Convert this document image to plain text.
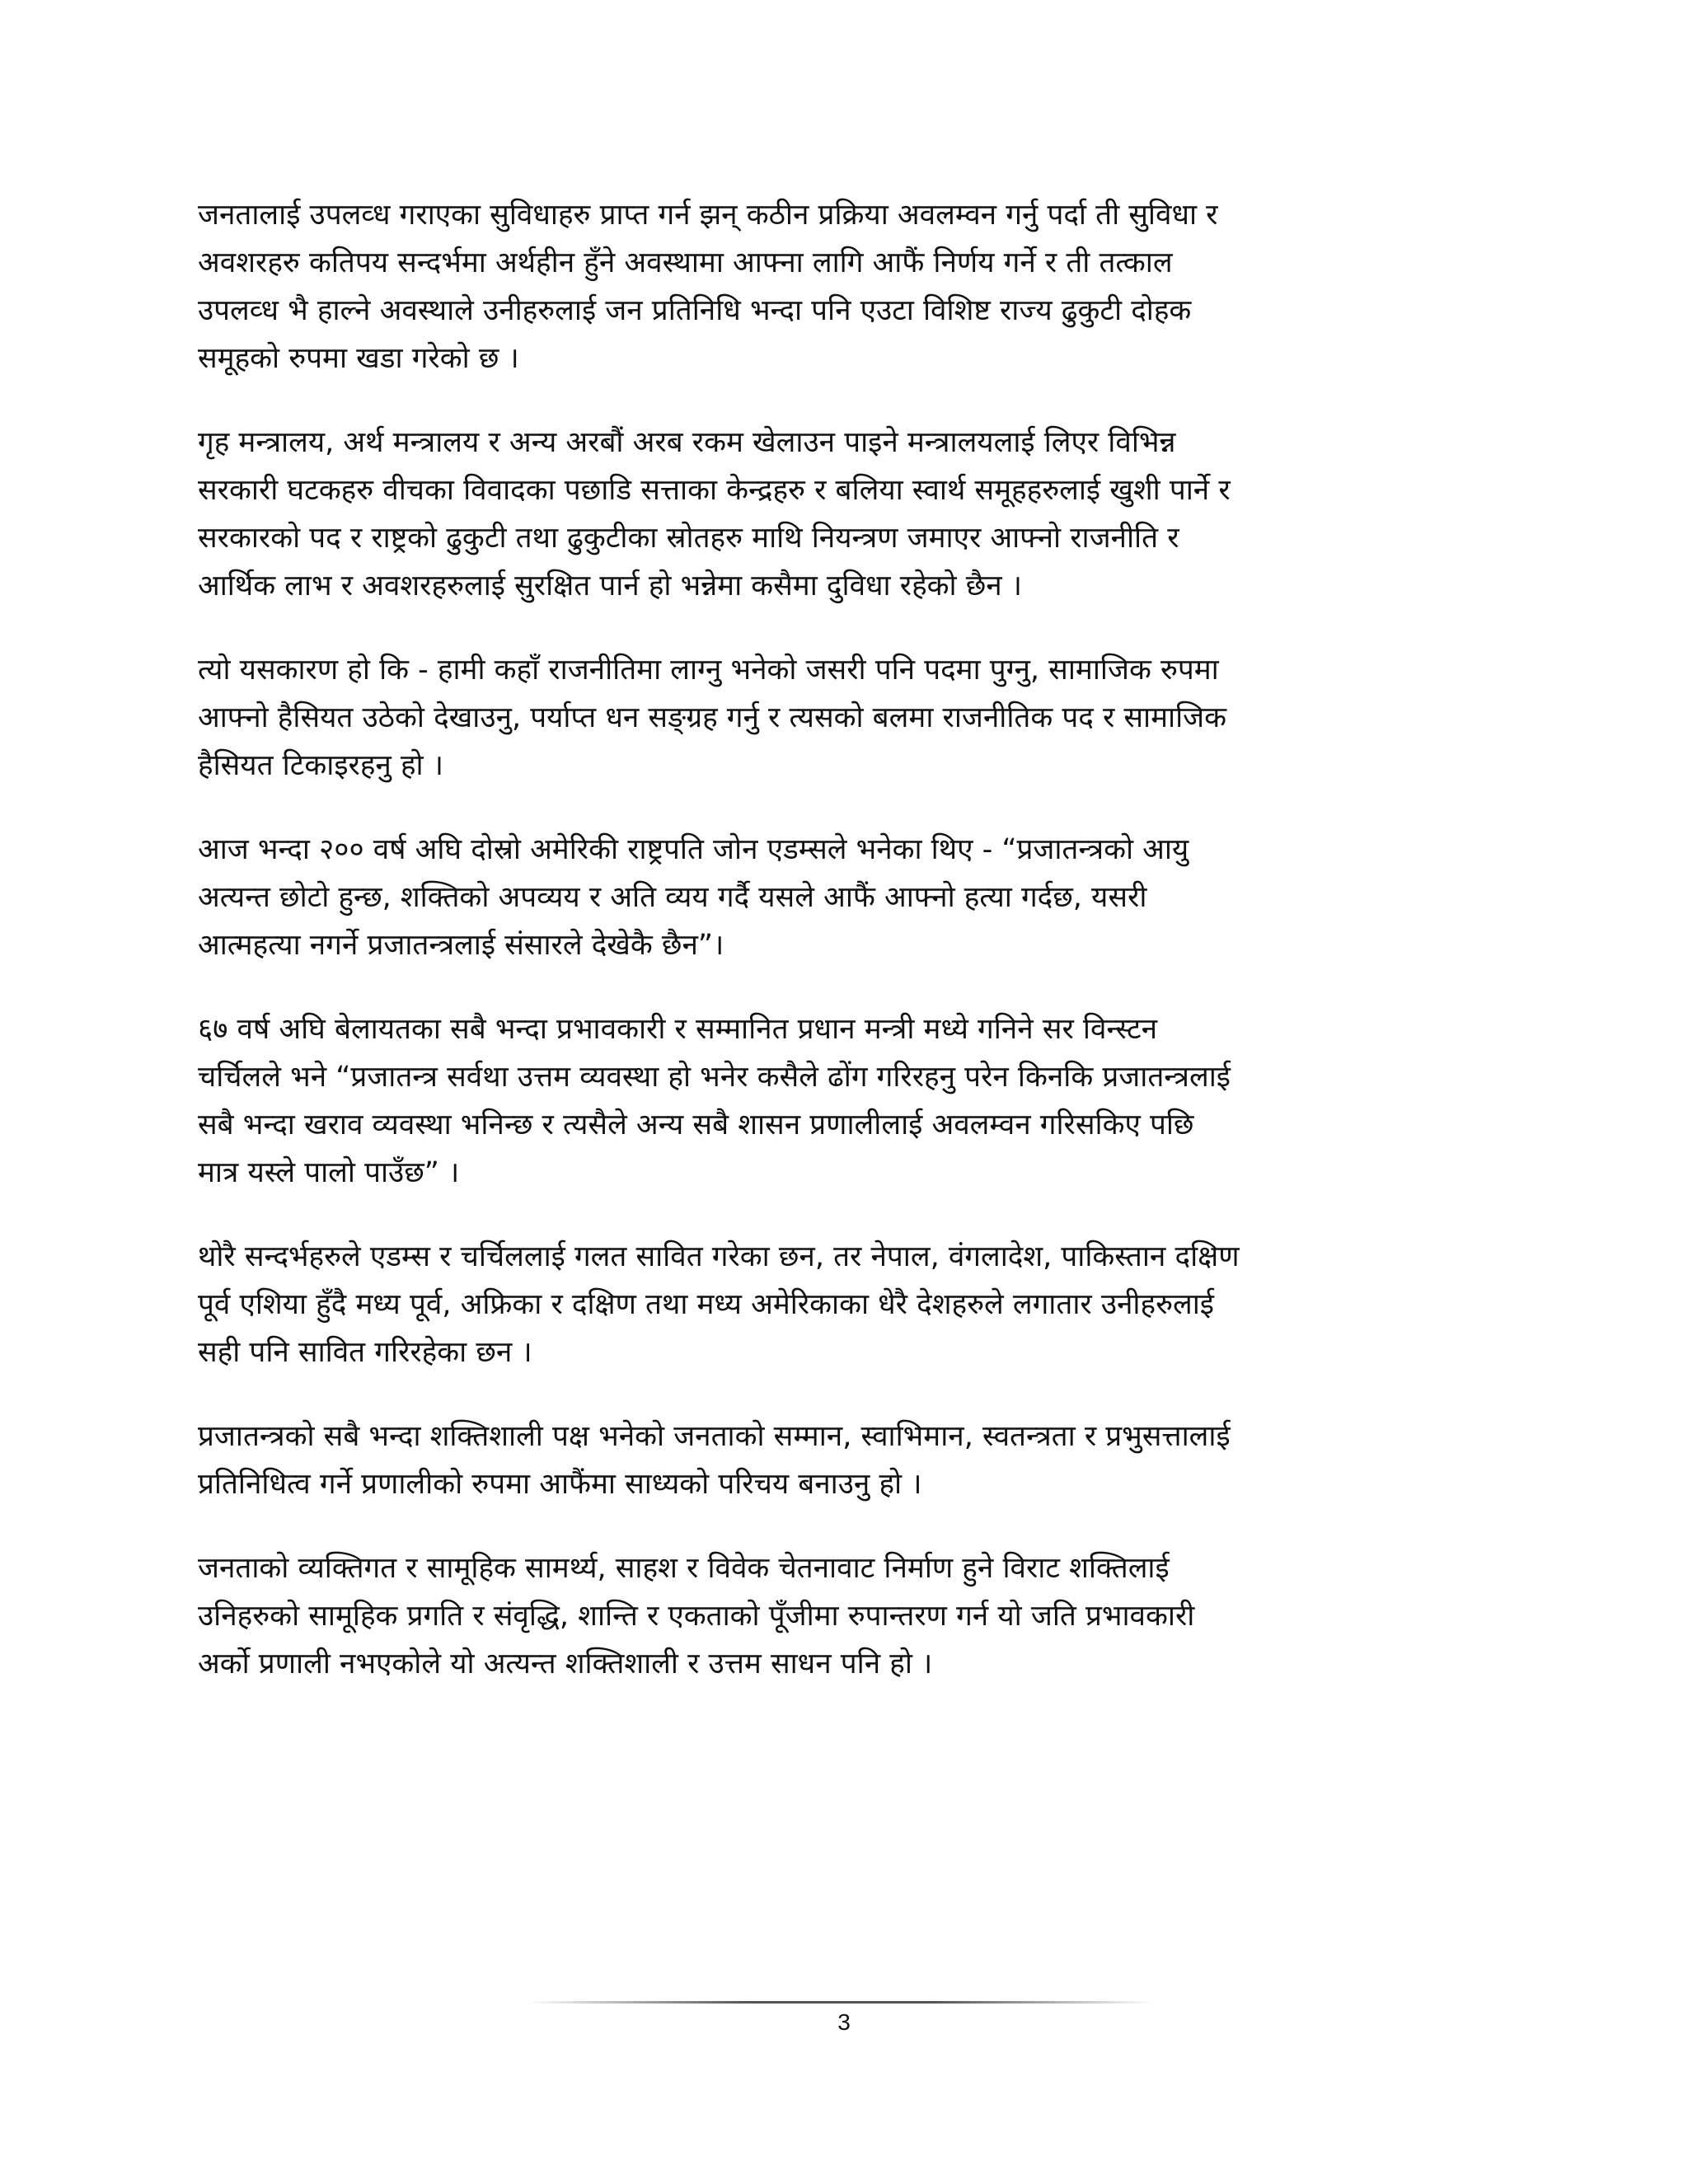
जनतालाई उपलव्ध गराएका सुविधाहरु प्राप्त गर्न झन् कठीन प्रक्रिया अवलम्वन गर्नु पर्दा ती सुविधा र
अवशरहरु कतिपय सन्दर्भमा अर्थहीन हुँने अवस्थामा आफ्ना लागि आफैं निर्णय गर्ने र ती तत्काल
उपलव्ध भै हाल्ने अवस्थाले उनीहरुलाई जन प्रतिनिधि भन्दा पनि एउटा विशिष्ट राज्य ढुकुटी दोहक
समूहको रुपमा खडा गरेको छ ।

गृह मन्त्रालय, अर्थ मन्त्रालय र अन्य अरबौं अरब रकम खेलाउन पाइने मन्त्रालयलाई लिएर विभिन्न
सरकारी घटकहरु वीचका विवादका पछाडि सत्ताका केन्द्रहरु र बलिया स्वार्थ समूहहरुलाई खुशी पार्ने र
सरकारको पद र राष्ट्रको ढुकुटी तथा ढुकुटीका स्रोतहरु माथि नियन्त्रण जमाएर आफ्नो राजनीति र
आर्थिक लाभ र अवशरहरुलाई सुरक्षित पार्न हो भन्नेमा कसैमा दुविधा रहेको छैन ।

त्यो यसकारण हो कि - हामी कहाँ राजनीतिमा लाग्नु भनेको जसरी पनि पदमा पुग्नु, सामाजिक रुपमा
आफ्नो हैसियत उठेको देखाउनु, पर्याप्त धन सङ्ग्रह गर्नु र त्यसको बलमा राजनीतिक पद र सामाजिक
हैसियत टिकाइरहनु हो ।

आज भन्दा २०० वर्ष अघि दोस्रो अमेरिकी राष्ट्रपति जोन एडम्सले भनेका थिए - “प्रजातन्त्रको आयु
अत्यन्त छोटो हुन्छ, शक्तिको अपव्यय र अति व्यय गर्दै यसले आफैं आफ्नो हत्या गर्दछ, यसरी
आत्महत्या नगर्ने प्रजातन्त्रलाई संसारले देखेकै छैन”।

६७ वर्ष अघि बेलायतका सबै भन्दा प्रभावकारी र सम्मानित प्रधान मन्त्री मध्ये गनिने सर विन्स्टन
चर्चिलले भने “प्रजातन्त्र सर्वथा उत्तम व्यवस्था हो भनेर कसैले ढोंग गरिरहनु परेन किनकि प्रजातन्त्रलाई
सबै भन्दा खराव व्यवस्था भनिन्छ र त्यसैले अन्य सबै शासन प्रणालीलाई अवलम्वन गरिसकिए पछि
मात्र यस्ले पालो पाउँछ” ।

थोरै सन्दर्भहरुले एडम्स र चर्चिललाई गलत सावित गरेका छन, तर नेपाल, वंगलादेश, पाकिस्तान दक्षिण
पूर्व एशिया हुँदै मध्य पूर्व, अफ्रिका र दक्षिण तथा मध्य अमेरिकाका धेरै देशहरुले लगातार उनीहरुलाई
सही पनि सावित गरिरहेका छन ।

प्रजातन्त्रको सबै भन्दा शक्तिशाली पक्ष भनेको जनताको सम्मान, स्वाभिमान, स्वतन्त्रता र प्रभुसत्तालाई
प्रतिनिधित्व गर्ने प्रणालीको रुपमा आफैंमा साध्यको परिचय बनाउनु हो ।

जनताको व्यक्तिगत र सामूहिक सामर्थ्य, साहश र विवेक चेतनावाट निर्माण हुने विराट शक्तिलाई
उनिहरुको सामूहिक प्रगति र संवृद्धि, शान्ति र एकताको पूँजीमा रुपान्तरण गर्न यो जति प्रभावकारी
अर्को प्रणाली नभएकोले यो अत्यन्त शक्तिशाली र उत्तम साधन पनि हो ।

3
